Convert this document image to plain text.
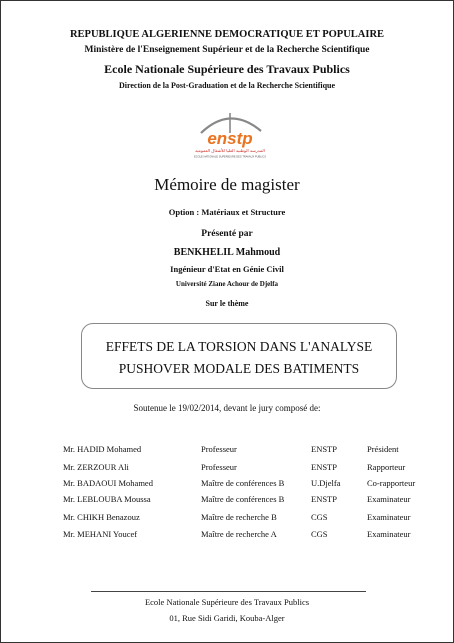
REPUBLIQUE ALGERIENNE DEMOCRATIQUE ET POPULAIRE
Ministère de l'Enseignement Supérieur et de la Recherche Scientifique
Ecole Nationale Supérieure des Travaux Publics
Direction de la Post-Graduation et de la Recherche Scientifique
enstp
المدرسة الوطنية العليا للأشغال العمومية
ECOLE NATIONALE SUPERIEURE DES TRAVAUX PUBLICS
Mémoire de magister
Option : Matériaux et Structure
Présenté par
BENKHELIL Mahmoud
Ingénieur d'Etat en Génie Civil
Université Ziane Achour de Djelfa
Sur le thème
EFFETS DE LA TORSION DANS L'ANALYSE
PUSHOVER MODALE DES BATIMENTS
Soutenue le 19/02/2014, devant le jury composé de:
Mr. HADID Mohamed	Professeur	ENSTP	Président
Mr. ZERZOUR Ali	Professeur	ENSTP	Rapporteur
Mr. BADAOUI Mohamed	Maître de conférences B	U.Djelfa	Co-rapporteur
Mr. LEBLOUBA Moussa	Maître de conférences B	ENSTP	Examinateur
Mr. CHIKH Benazouz	Maître de recherche B	CGS	Examinateur
Mr. MEHANI Youcef	Maître de recherche A	CGS	Examinateur
Ecole Nationale Supérieure des Travaux Publics
01, Rue Sidi Garidi, Kouba-Alger
